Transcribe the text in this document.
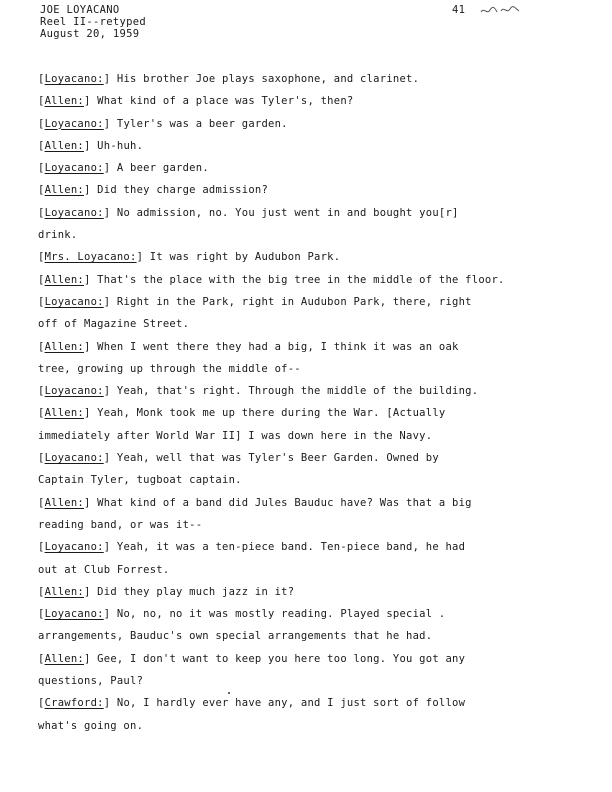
JOE LOYACANO
Reel II--retyped
August 20, 1959
41
[Loyacano:] His brother Joe plays saxophone, and clarinet.
[Allen:] What kind of a place was Tyler's, then?
[Loyacano:] Tyler's was a beer garden.
[Allen:] Uh-huh.
[Loyacano:] A beer garden.
[Allen:] Did they charge admission?
[Loyacano:] No admission, no. You just went in and bought you[r]
drink.
[Mrs. Loyacano:] It was right by Audubon Park.
[Allen:] That's the place with the big tree in the middle of the floor.
[Loyacano:] Right in the Park, right in Audubon Park, there, right
off of Magazine Street.
[Allen:] When I went there they had a big, I think it was an oak
tree, growing up through the middle of--
[Loyacano:] Yeah, that's right. Through the middle of the building.
[Allen:] Yeah, Monk took me up there during the War. [Actually
immediately after World War II] I was down here in the Navy.
[Loyacano:] Yeah, well that was Tyler's Beer Garden. Owned by
Captain Tyler, tugboat captain.
[Allen:] What kind of a band did Jules Bauduc have? Was that a big
reading band, or was it--
[Loyacano:] Yeah, it was a ten-piece band. Ten-piece band, he had
out at Club Forrest.
[Allen:] Did they play much jazz in it?
[Loyacano:] No, no, no it was mostly reading. Played special .
arrangements, Bauduc's own special arrangements that he had.
[Allen:] Gee, I don't want to keep you here too long. You got any
questions, Paul?
[Crawford:] No, I hardly ever have any, and I just sort of follow
what's going on.
